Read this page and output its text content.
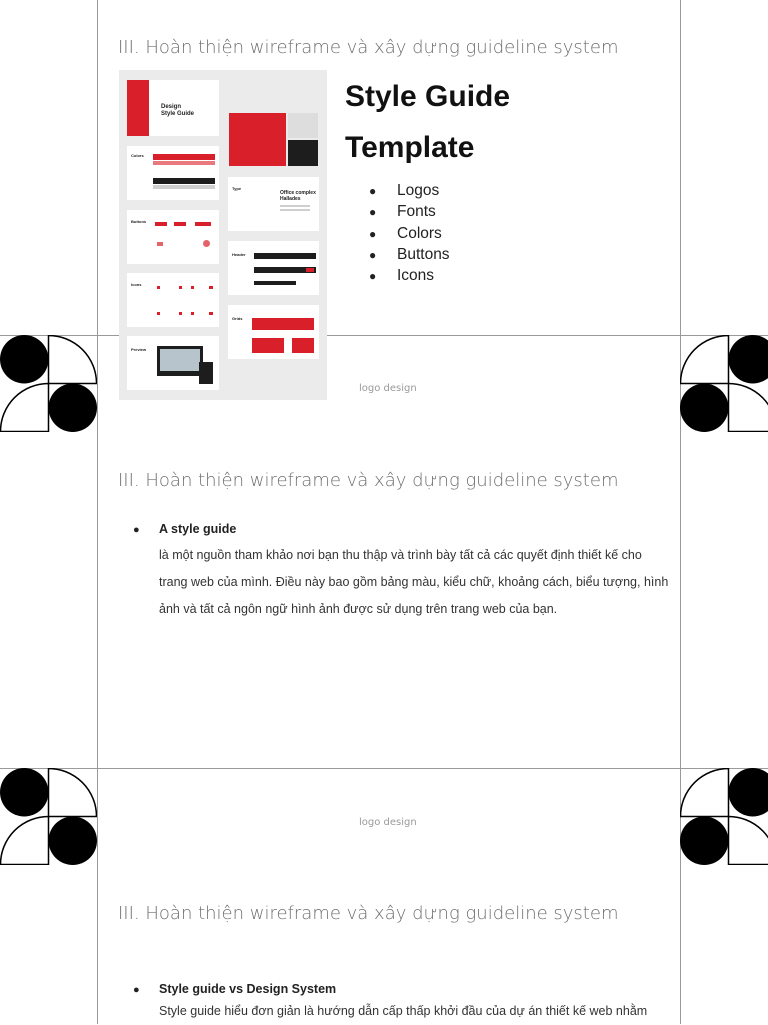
III. Hoàn thiện wireframe và xây dựng guideline system
Design
Style Guide
Colors
Type
Office complex
Hallades
Buttons
Header
Icons
Grids
Preview
Style Guide
Template
● Logos
● Fonts
● Colors
● Buttons
● Icons
logo design
III. Hoàn thiện wireframe và xây dựng guideline system
● A style guide
là một nguồn tham khảo nơi bạn thu thập và trình bày tất cả các quyết định thiết kế cho trang web của mình. Điều này bao gồm bảng màu, kiểu chữ, khoảng cách, biểu tượng, hình ảnh và tất cả ngôn ngữ hình ảnh được sử dụng trên trang web của bạn.
logo design
III. Hoàn thiện wireframe và xây dựng guideline system
● Style guide vs Design System
Style guide hiểu đơn giản là hướng dẫn cấp thấp khởi đầu của dự án thiết kế web nhằm
